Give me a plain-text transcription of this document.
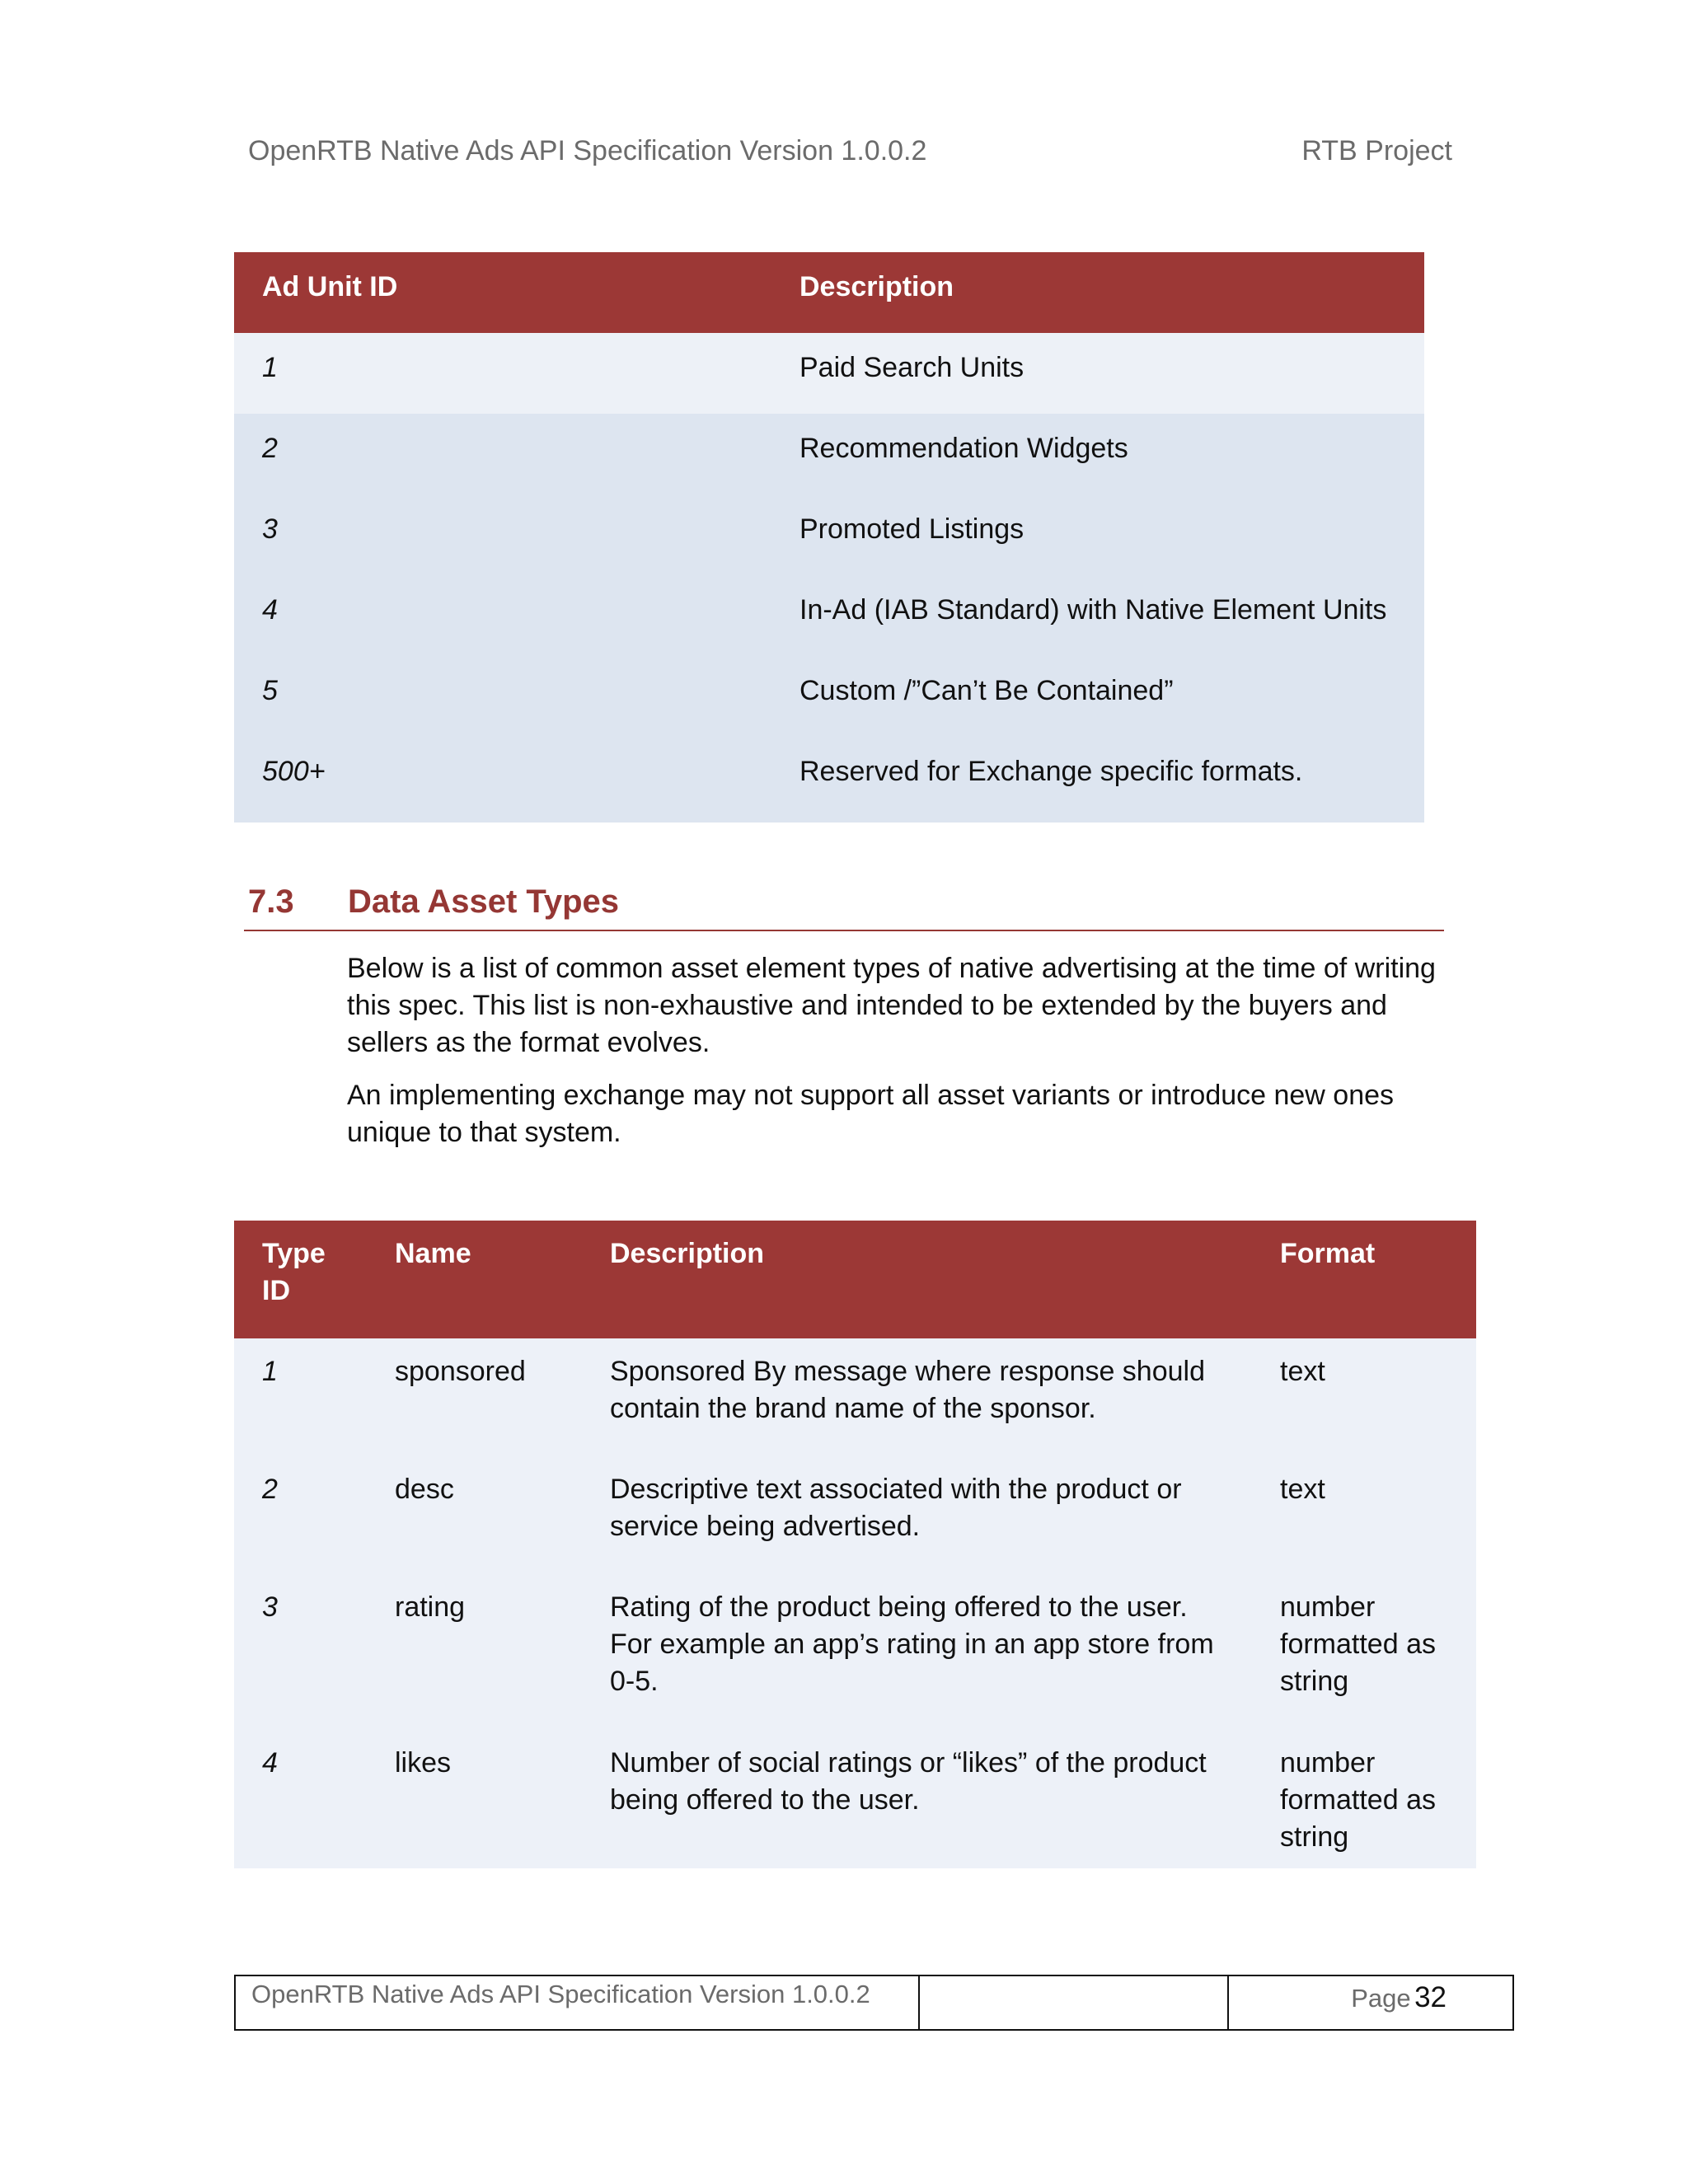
OpenRTB Native Ads API Specification Version 1.0.0.2	RTB Project
Ad Unit ID	Description
1	Paid Search Units
2	Recommendation Widgets
3	Promoted Listings
4	In-Ad (IAB Standard) with Native Element Units
5	Custom /”Can’t Be Contained”
500+	Reserved for Exchange specific formats.
7.3 Data Asset Types

Below is a list of common asset element types of native advertising at the time of writing this spec. This list is non-exhaustive and intended to be extended by the buyers and sellers as the format evolves.

An implementing exchange may not support all asset variants or introduce new ones unique to that system.

Type ID	Name	Description	Format
1	sponsored	Sponsored By message where response should contain the brand name of the sponsor.	text
2	desc	Descriptive text associated with the product or service being advertised.	text
3	rating	Rating of the product being offered to the user. For example an app’s rating in an app store from 0-5.	number formatted as string
4	likes	Number of social ratings or “likes” of the product being offered to the user.	number formatted as string
OpenRTB Native Ads API Specification Version 1.0.0.2	Page 32
